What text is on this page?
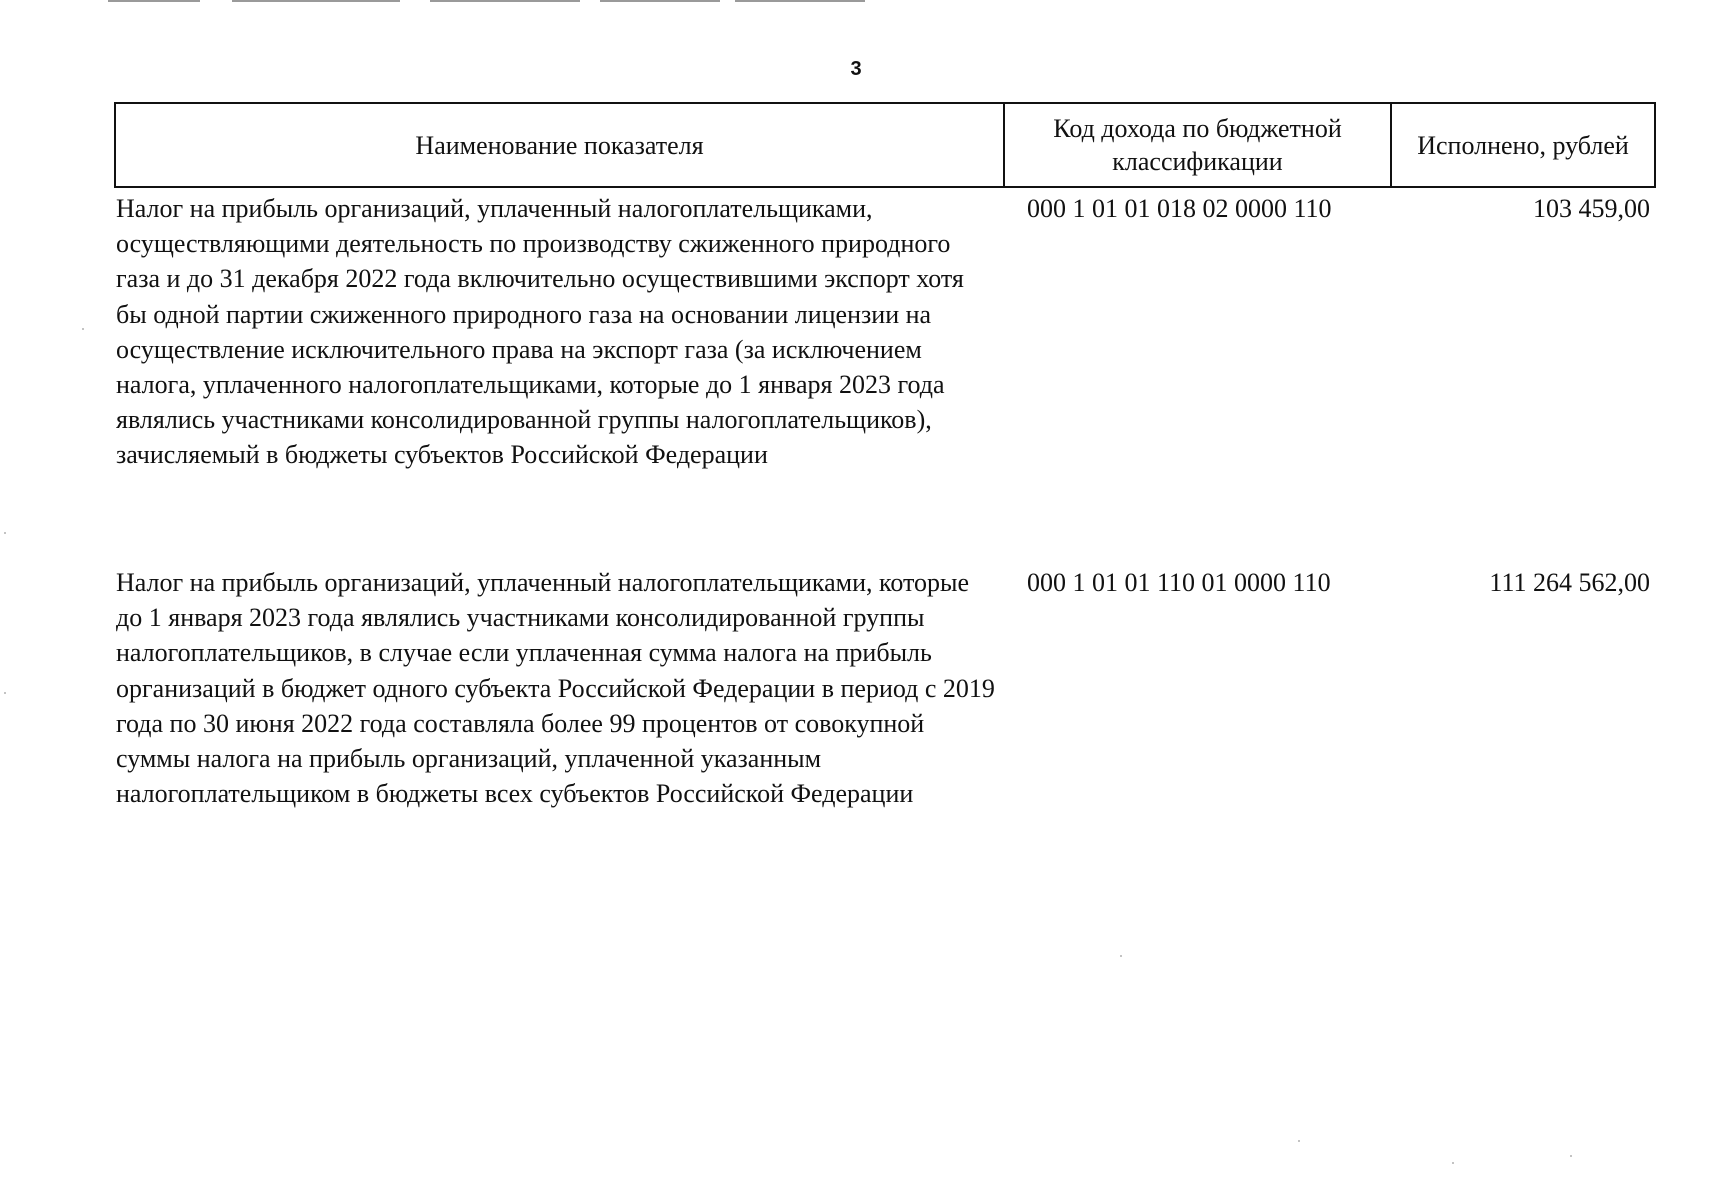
3
Наименование показателя
Код дохода по бюджетной классификации
Исполнено, рублей
Налог на прибыль организаций, уплаченный налогоплательщиками, осуществляющими деятельность по производству сжиженного природного газа и до 31 декабря 2022 года включительно осуществившими экспорт хотя бы одной партии сжиженного природного газа на основании лицензии на осуществление исключительного права на экспорт газа (за исключением налога, уплаченного налогоплательщиками, которые до 1 января 2023 года являлись участниками консолидированной группы налогоплательщиков), зачисляемый в бюджеты субъектов Российской Федерации
000 1 01 01 018 02 0000 110	103 459,00
Налог на прибыль организаций, уплаченный налогоплательщиками, которые до 1 января 2023 года являлись участниками консолидированной группы налогоплательщиков, в случае если уплаченная сумма налога на прибыль организаций в бюджет одного субъекта Российской Федерации в период с 2019 года по 30 июня 2022 года составляла более 99 процентов от совокупной суммы налога на прибыль организаций, уплаченной указанным налогоплательщиком в бюджеты всех субъектов Российской Федерации
000 1 01 01 110 01 0000 110	111 264 562,00
